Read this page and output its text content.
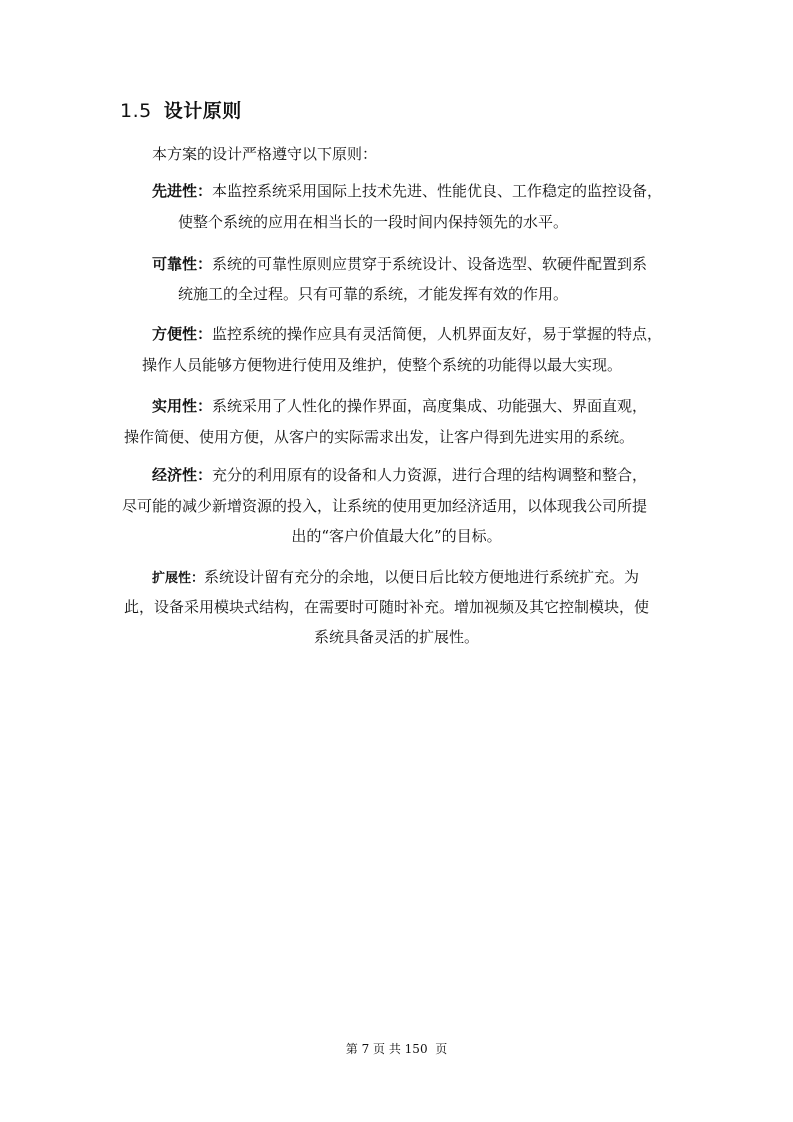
1.5 设计原则
本方案的设计严格遵守以下原则：
先进性：本监控系统采用国际上技术先进、性能优良、工作稳定的监控设备，
使整个系统的应用在相当长的一段时间内保持领先的水平。
可靠性：系统的可靠性原则应贯穿于系统设计、设备选型、软硬件配置到系
统施工的全过程。只有可靠的系统，才能发挥有效的作用。
方便性：监控系统的操作应具有灵活简便，人机界面友好，易于掌握的特点，
操作人员能够方便物进行使用及维护，使整个系统的功能得以最大实现。
实用性：系统采用了人性化的操作界面，高度集成、功能强大、界面直观，
操作简便、使用方便，从客户的实际需求出发，让客户得到先进实用的系统。
经济性：充分的利用原有的设备和人力资源，进行合理的结构调整和整合，
尽可能的减少新增资源的投入，让系统的使用更加经济适用，以体现我公司所提
出的“客户价值最大化”的目标。
扩展性：系统设计留有充分的余地，以便日后比较方便地进行系统扩充。为
此，设备采用模块式结构，在需要时可随时补充。增加视频及其它控制模块，使
系统具备灵活的扩展性。
第 7 页 共 150  页
